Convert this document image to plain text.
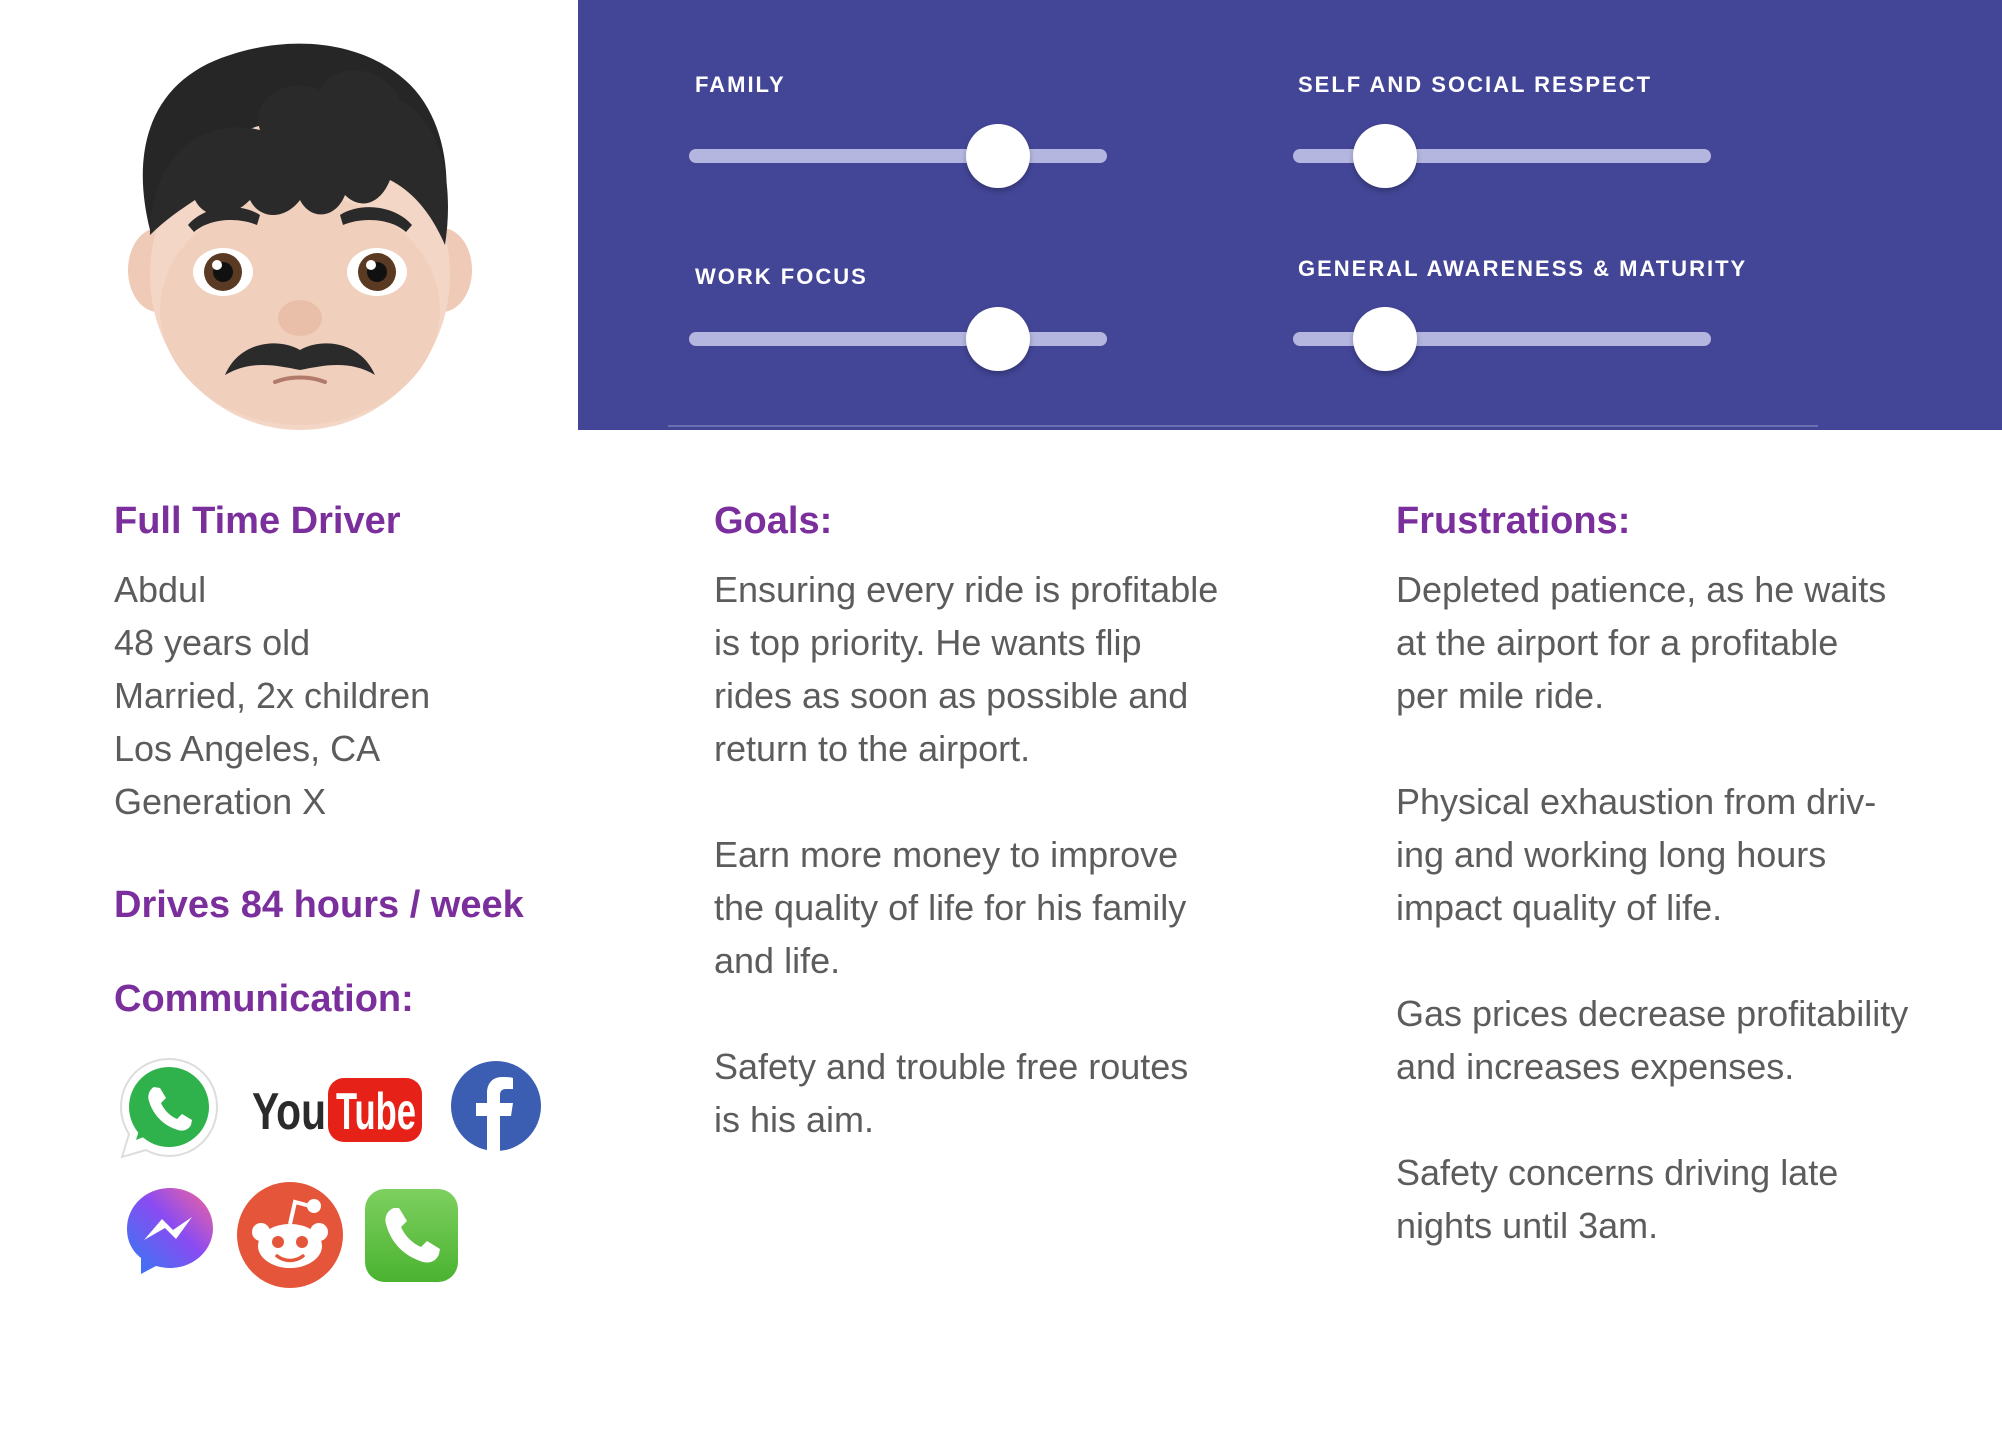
FAMILY	SELF AND SOCIAL RESPECT
WORK FOCUS	GENERAL AWARENESS & MATURITY
Full Time Driver
Abdul
48 years old
Married, 2x children
Los Angeles, CA
Generation X
Drives 84 hours / week
Communication:
You Tube
Goals:
Ensuring every ride is profitable
is top priority. He wants flip
rides as soon as possible and
return to the airport.
Earn more money to improve
the quality of life for his family
and life.
Safety and trouble free routes
is his aim.
Frustrations:
Depleted patience, as he waits
at the airport for a profitable
per mile ride.
Physical exhaustion from driv-
ing and working long hours
impact quality of life.
Gas prices decrease profitability
and increases expenses.
Safety concerns driving late
nights until 3am.
